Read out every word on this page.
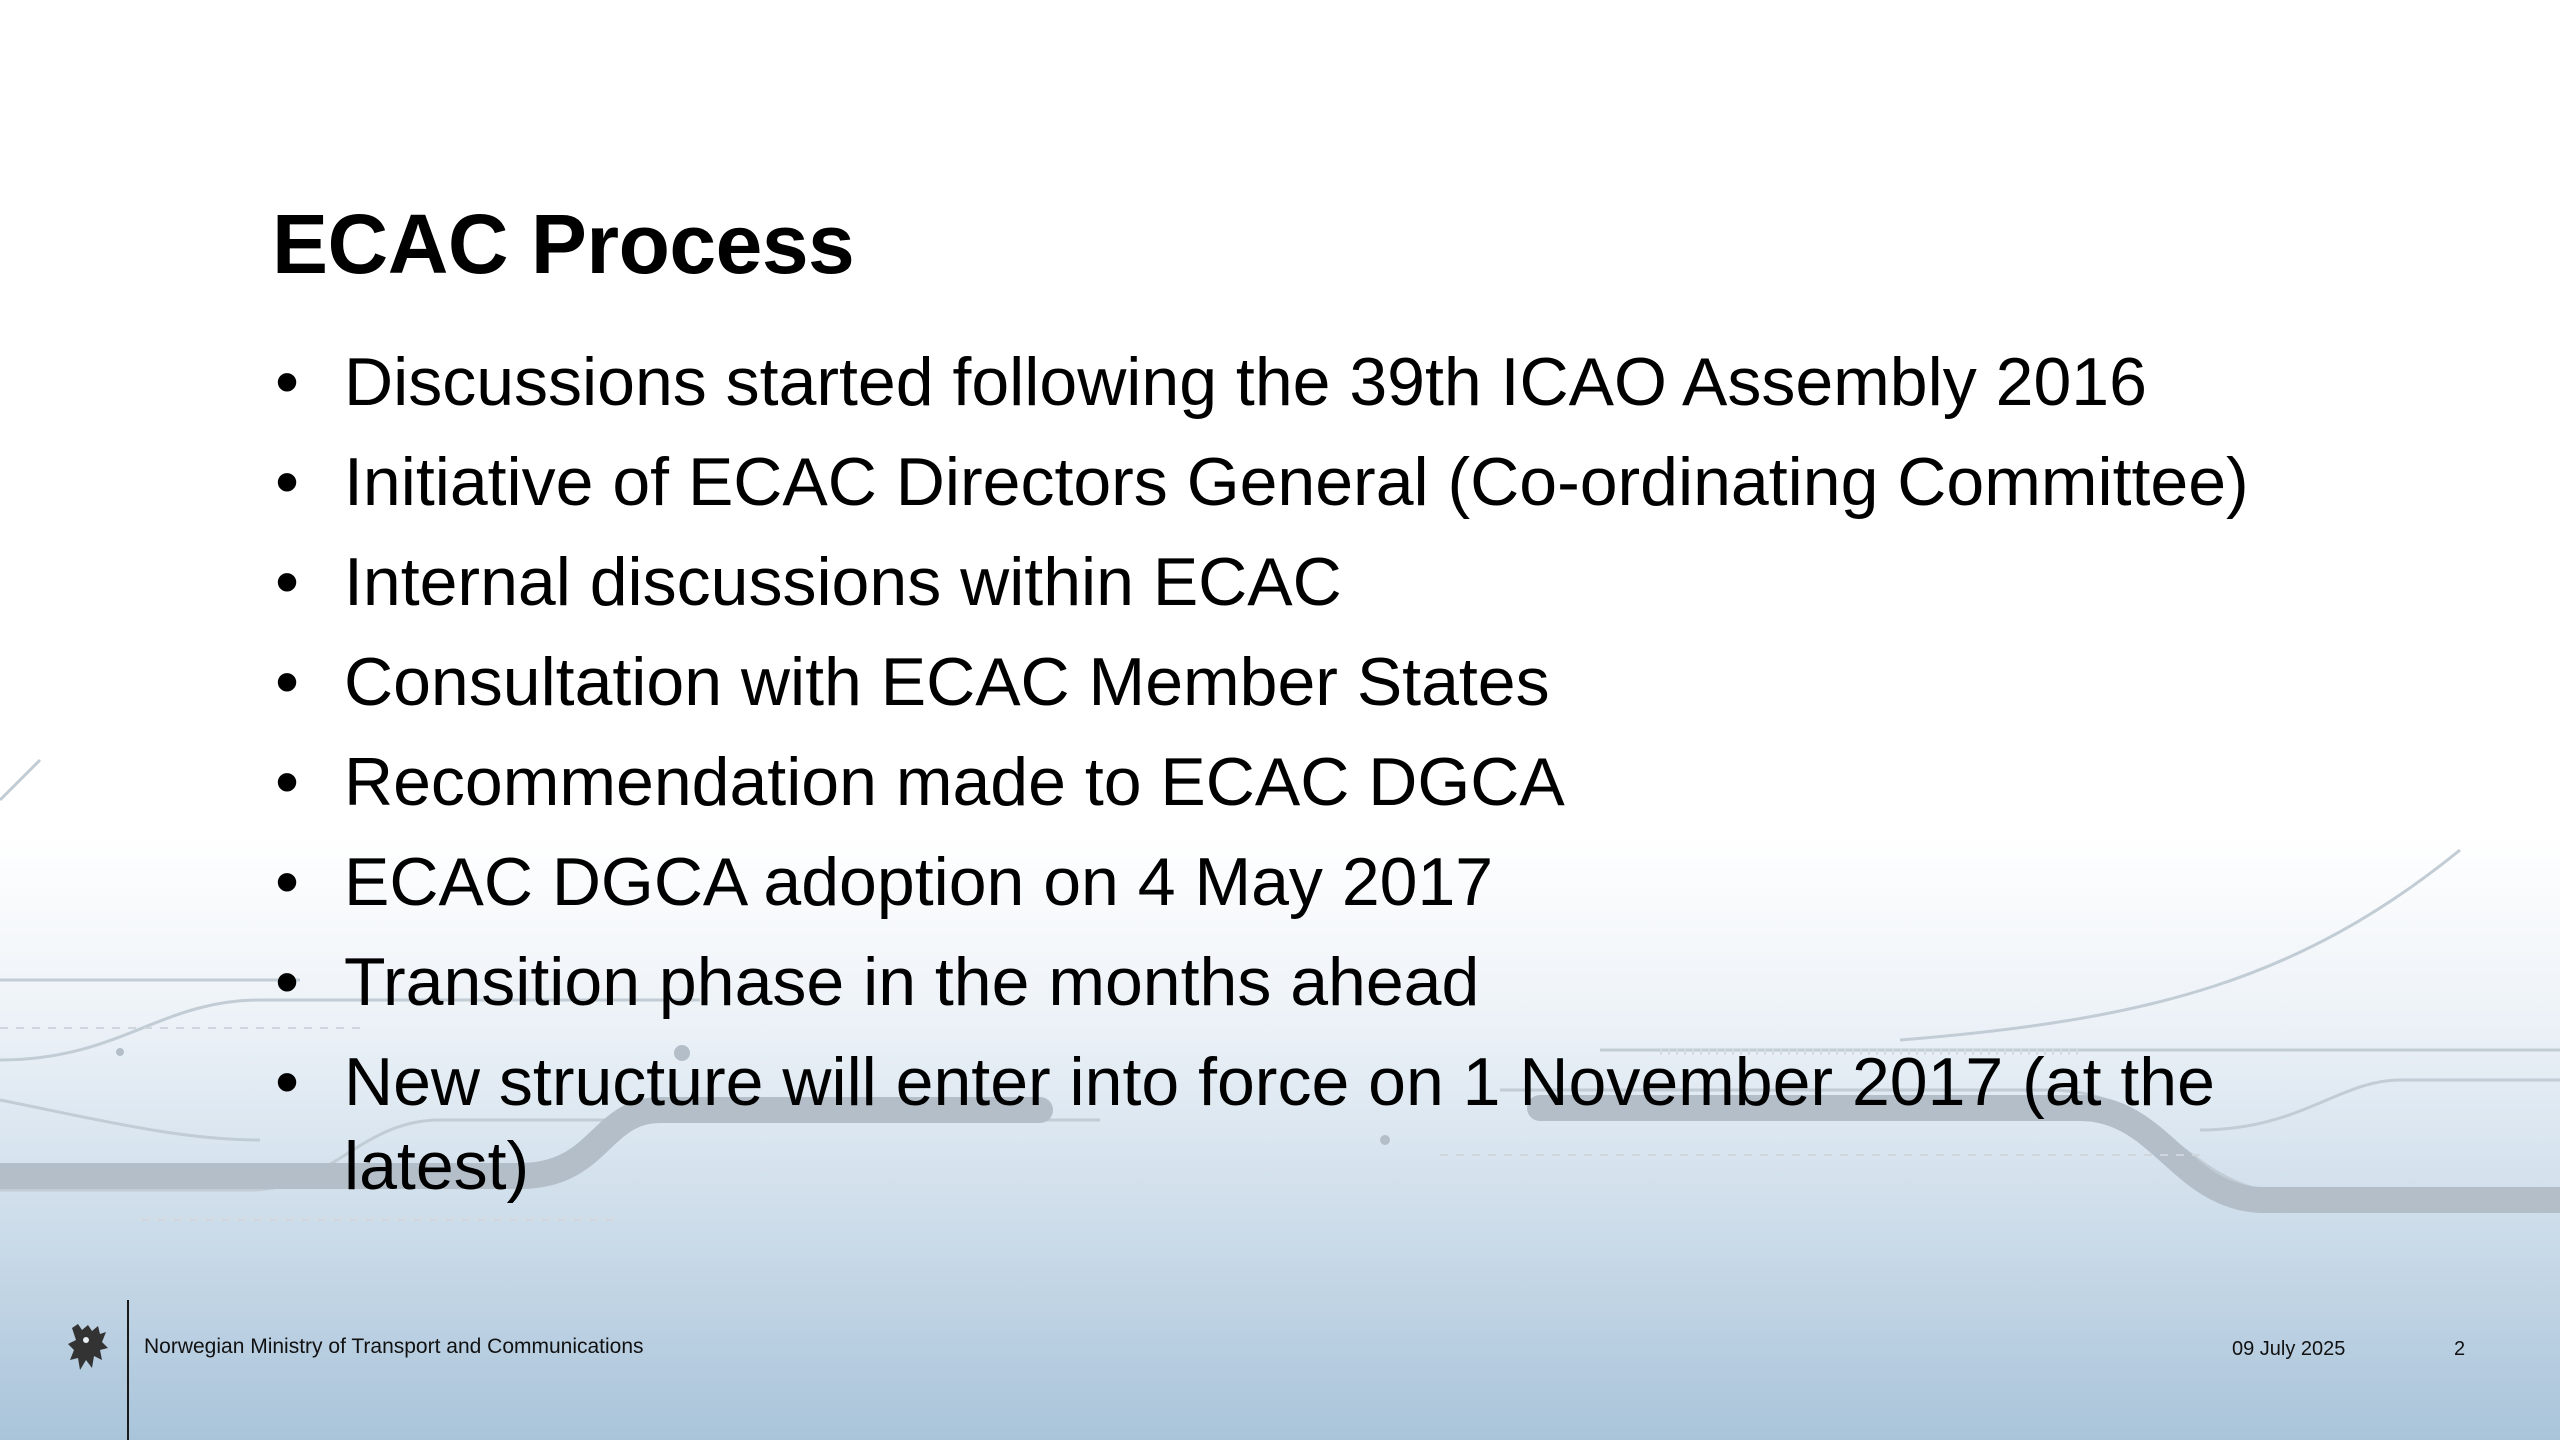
ECAC Process
• Discussions started following the 39th ICAO Assembly 2016
• Initiative of ECAC Directors General (Co-ordinating Committee)
• Internal discussions within ECAC
• Consultation with ECAC Member States
• Recommendation made to ECAC DGCA
• ECAC DGCA adoption on 4 May 2017
• Transition phase in the months ahead
• New structure will enter into force on 1 November 2017 (at the latest)
Norwegian Ministry of Transport and Communications	09 July 2025	2
